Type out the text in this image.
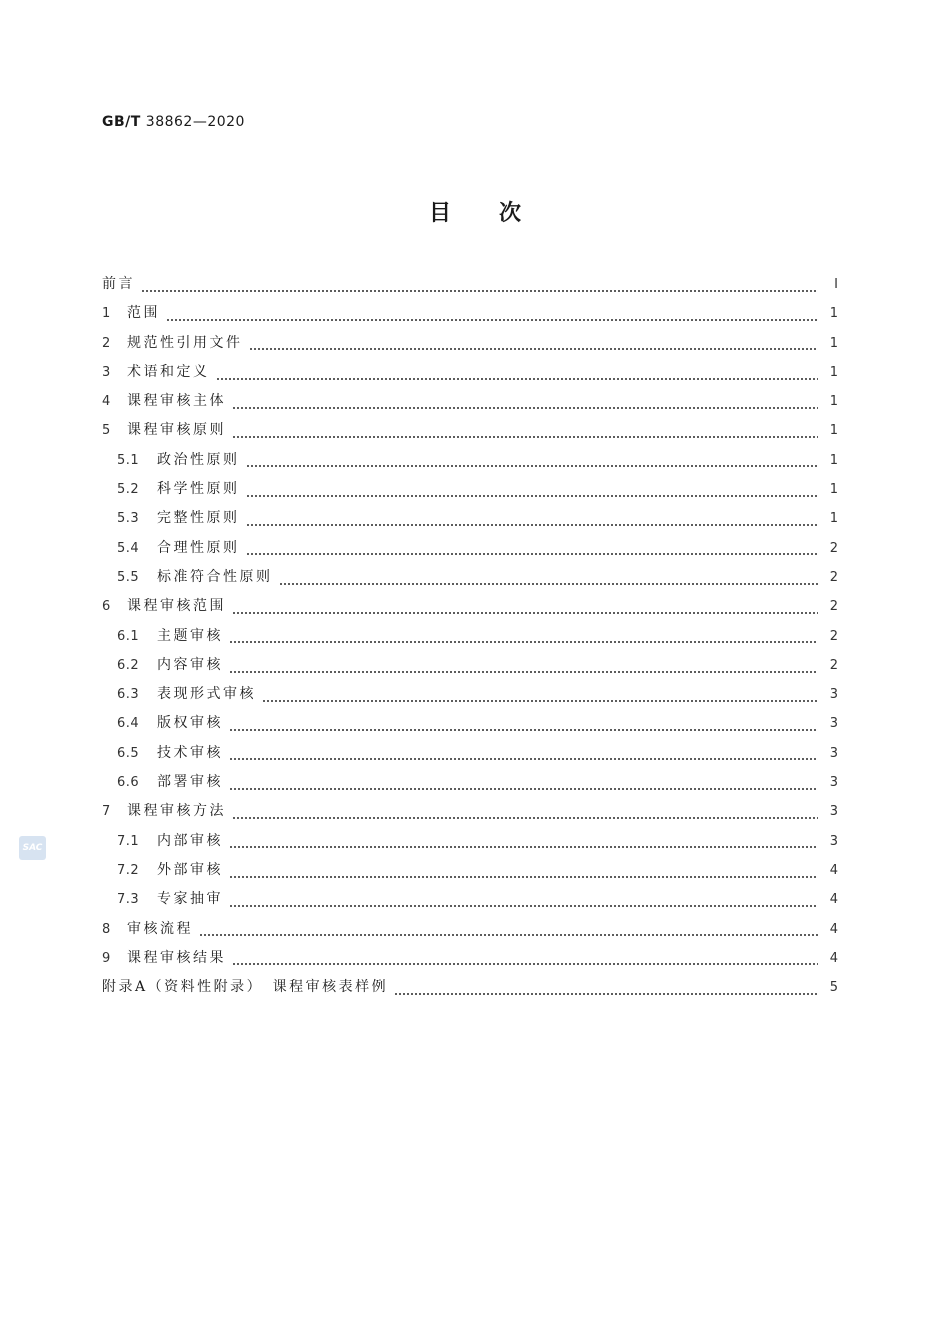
GB/T 38862—2020
目次
前言	Ⅰ
1	范围	1
2	规范性引用文件	1
3	术语和定义	1
4	课程审核主体	1
5	课程审核原则	1
5.1	政治性原则	1
5.2	科学性原则	1
5.3	完整性原则	1
5.4	合理性原则	2
5.5	标准符合性原则	2
6	课程审核范围	2
6.1	主题审核	2
6.2	内容审核	2
6.3	表现形式审核	3
6.4	版权审核	3
6.5	技术审核	3
6.6	部署审核	3
7	课程审核方法	3
7.1	内部审核	3
7.2	外部审核	4
7.3	专家抽审	4
8	审核流程	4
9	课程审核结果	4
附录A（资料性附录）　课程审核表样例	5
SAC
